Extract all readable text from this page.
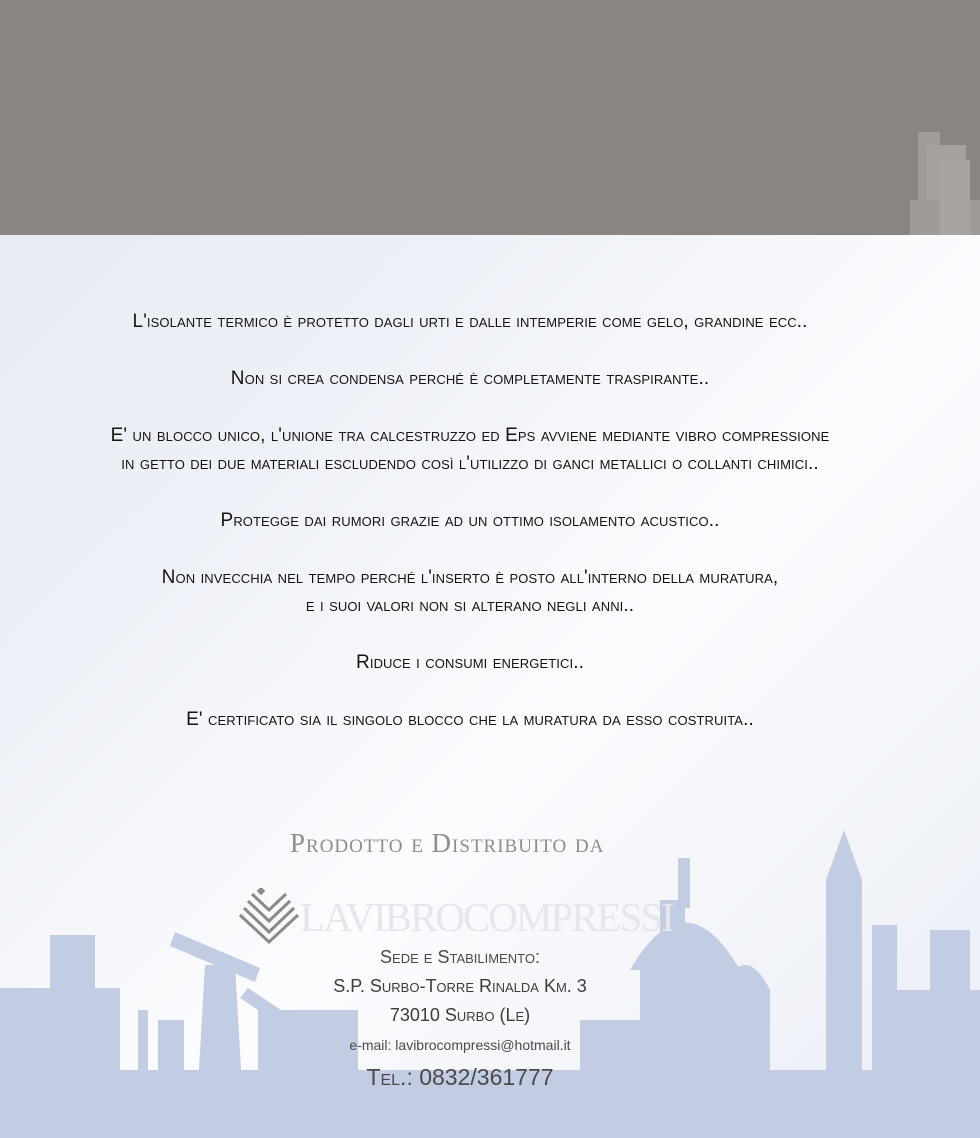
L'isolante termico è protetto dagli urti e dalle intemperie come gelo, grandine ecc..
Non si crea condensa perché è completamente traspirante..
E' un blocco unico, l'unione tra calcestruzzo ed Eps avviene mediante vibro compressione
in getto dei due materiali escludendo così l'utilizzo di ganci metallici o collanti chimici..
Protegge dai rumori grazie ad un ottimo isolamento acustico..
Non invecchia nel tempo perché l'inserto è posto all'interno della muratura,
e i suoi valori non si alterano negli anni..
Riduce i consumi energetici..
E' certificato sia il singolo blocco che la muratura da esso costruita..
Prodotto e Distribuito da
LAVIBROCOMPRESSI
Sede e Stabilimento:
S.P. Surbo-Torre Rinalda Km. 3
73010 Surbo (Le)
e-mail: lavibrocompressi@hotmail.it
Tel.: 0832/361777
